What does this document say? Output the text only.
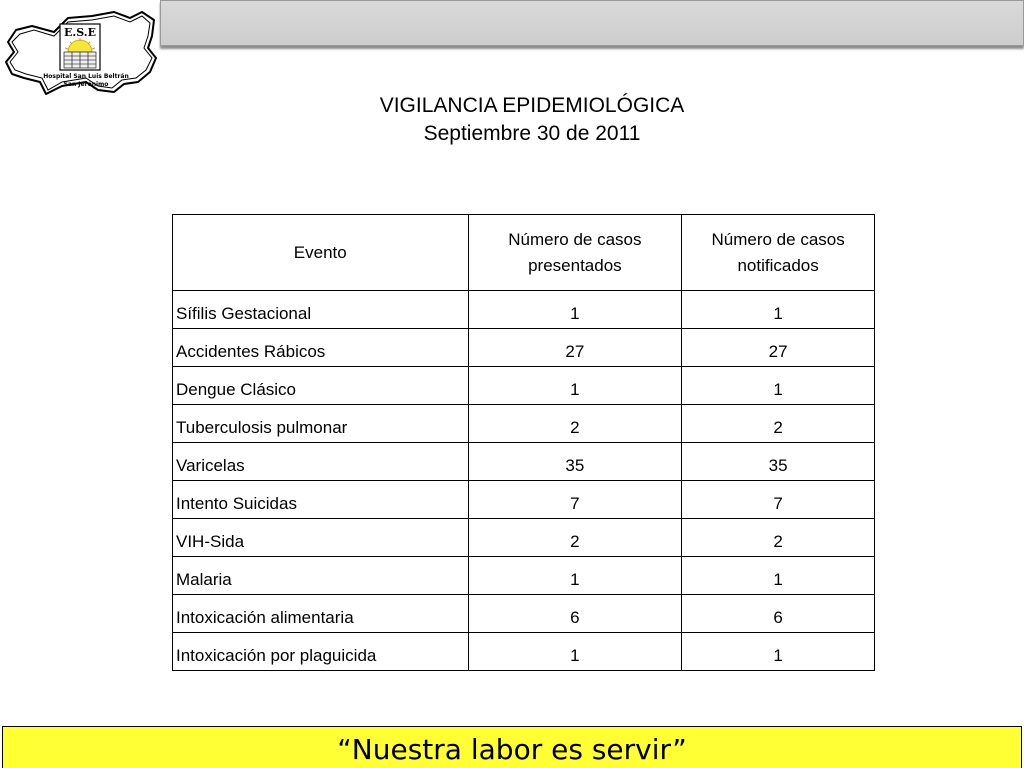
E.S.E
Hospital San Luis Beltrán
San Jerónimo
VIGILANCIA EPIDEMIOLÓGICA
Septiembre 30 de 2011
Evento	Número de casos presentados	Número de casos notificados
Sífilis Gestacional	1	1
Accidentes Rábicos	27	27
Dengue Clásico	1	1
Tuberculosis pulmonar	2	2
Varicelas	35	35
Intento Suicidas	7	7
VIH-Sida	2	2
Malaria	1	1
Intoxicación alimentaria	6	6
Intoxicación por plaguicida	1	1
“Nuestra labor es servir”
